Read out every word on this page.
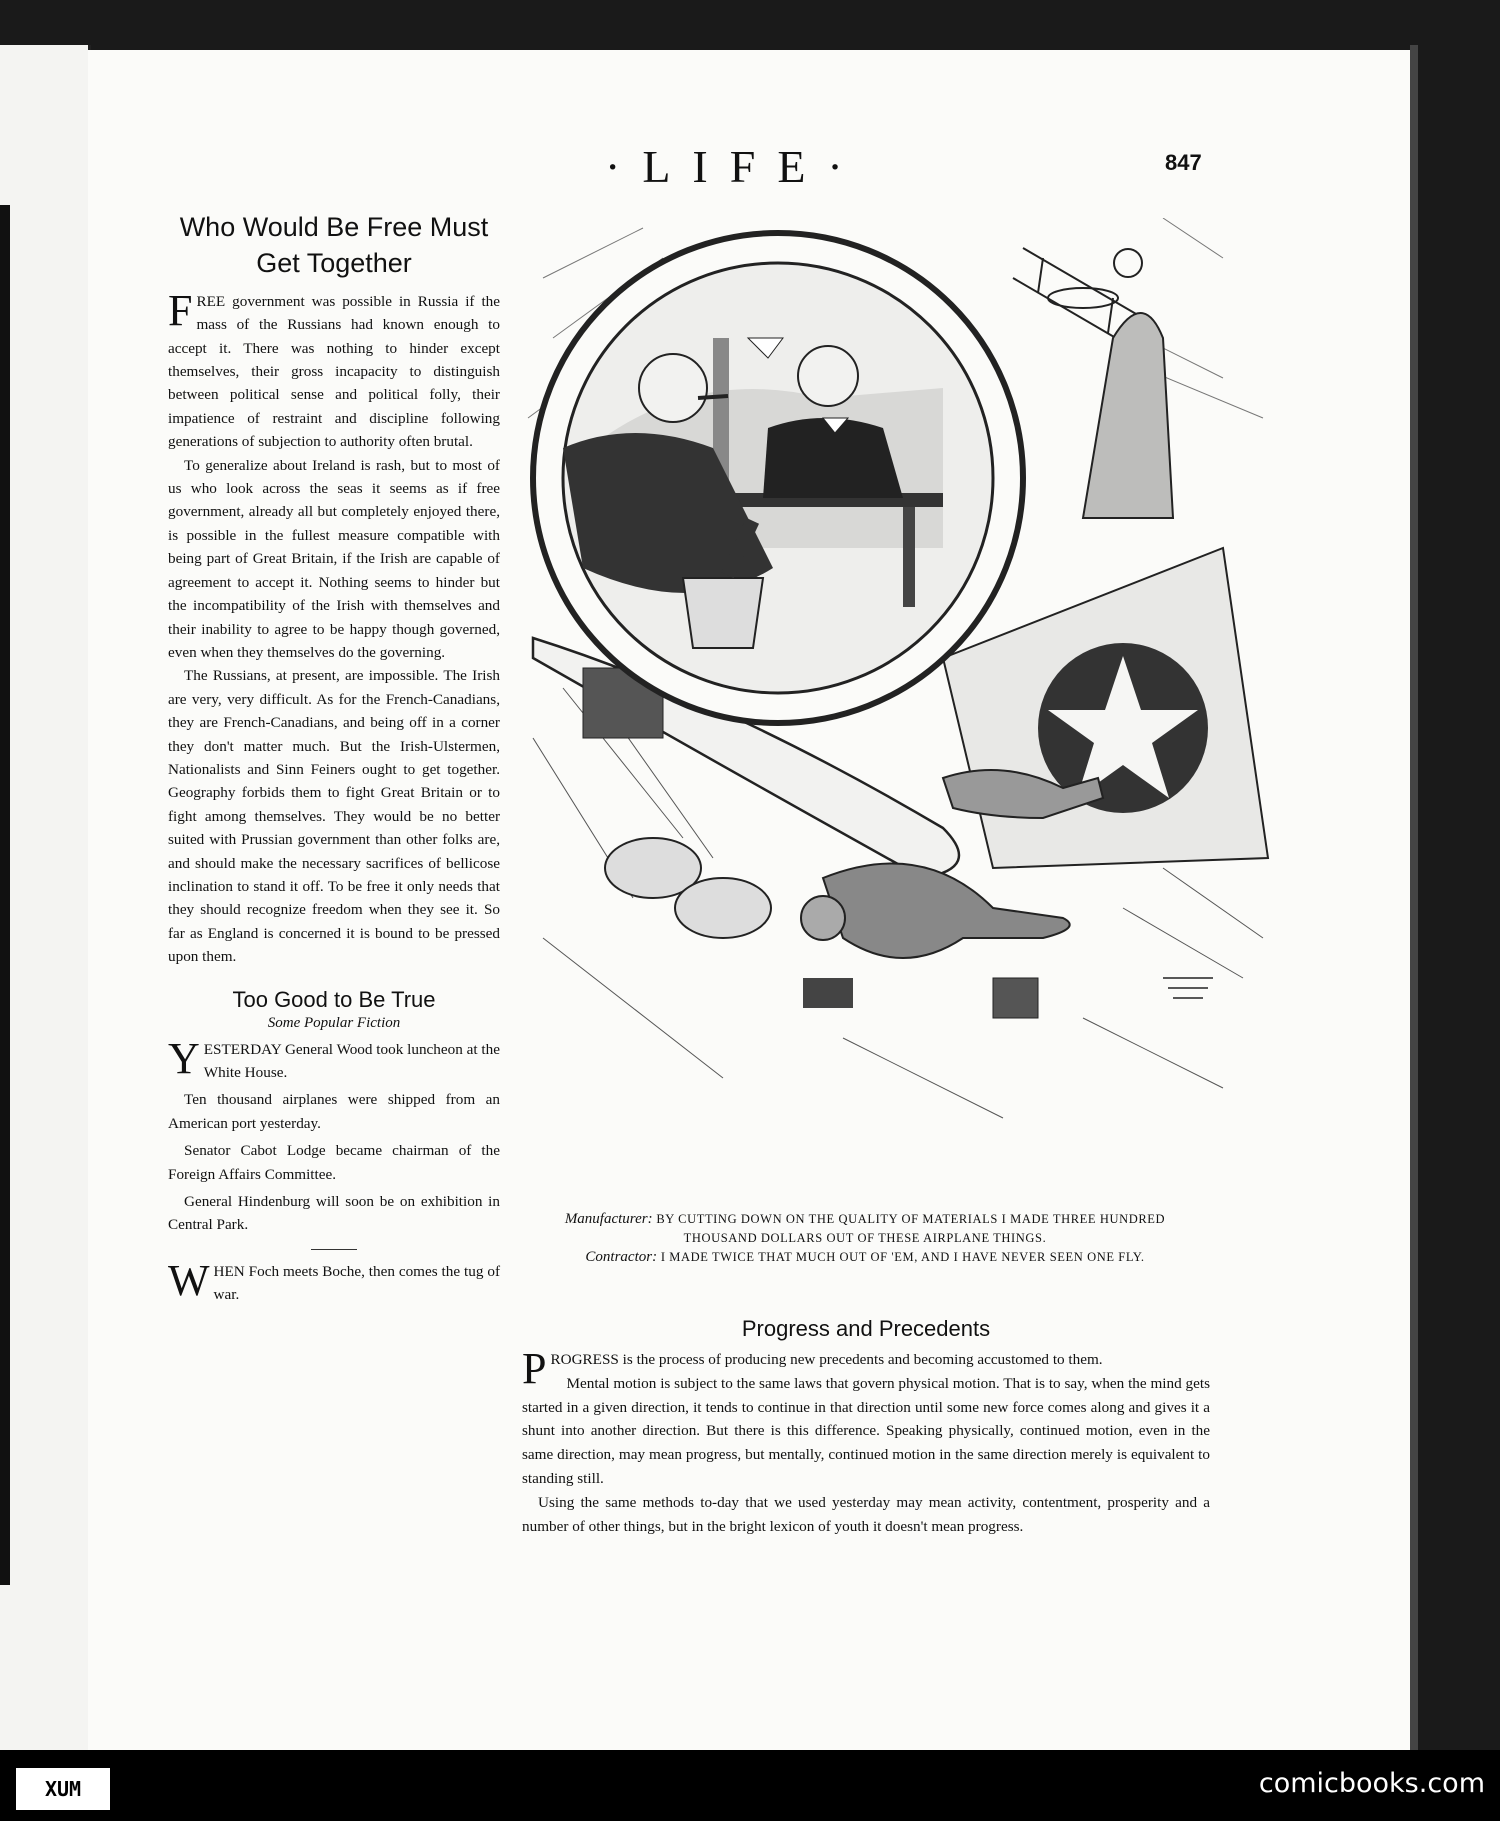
·LIFE·	847
Who Would Be Free Must Get Together

FREE government was possible in Russia if the mass of the Russians had known enough to accept it. There was nothing to hinder except themselves, their gross incapacity to distinguish between political sense and political folly, their impatience of restraint and discipline following generations of subjection to authority often brutal.

To generalize about Ireland is rash, but to most of us who look across the seas it seems as if free government, already all but completely enjoyed there, is possible in the fullest measure compatible with being part of Great Britain, if the Irish are capable of agreement to accept it. Nothing seems to hinder but the incompatibility of the Irish with themselves and their inability to agree to be happy though governed, even when they themselves do the governing.

The Russians, at present, are impossible. The Irish are very, very difficult. As for the French-Canadians, they are French-Canadians, and being off in a corner they don't matter much. But the Irish-Ulstermen, Nationalists and Sinn Feiners ought to get together. Geography forbids them to fight Great Britain or to fight among themselves. They would be no better suited with Prussian government than other folks are, and should make the necessary sacrifices of bellicose inclination to stand it off. To be free it only needs that they should recognize freedom when they see it. So far as England is concerned it is bound to be pressed upon them.

Too Good to Be True

Some Popular Fiction

YESTERDAY General Wood took luncheon at the White House.

Ten thousand airplanes were shipped from an American port yesterday.

Senator Cabot Lodge became chairman of the Foreign Affairs Committee.

General Hindenburg will soon be on exhibition in Central Park.

WHEN Foch meets Boche, then comes the tug of war.

Manufacturer: BY CUTTING DOWN ON THE QUALITY OF MATERIALS I MADE THREE HUNDRED THOUSAND DOLLARS OUT OF THESE AIRPLANE THINGS.
Contractor: I MADE TWICE THAT MUCH OUT OF 'EM, AND I HAVE NEVER SEEN ONE FLY.
Progress and Precedents

PROGRESS is the process of producing new precedents and becoming accustomed to them.

Mental motion is subject to the same laws that govern physical motion. That is to say, when the mind gets started in a given direction, it tends to continue in that direction until some new force comes along and gives it a shunt into another direction. But there is this difference. Speaking physically, continued motion, even in the same direction, may mean progress, but mentally, continued motion in the same direction merely is equivalent to standing still.

Using the same methods to-day that we used yesterday may mean activity, contentment, prosperity and a number of other things, but in the bright lexicon of youth it doesn't mean progress.

XUM	comicbooks.com
